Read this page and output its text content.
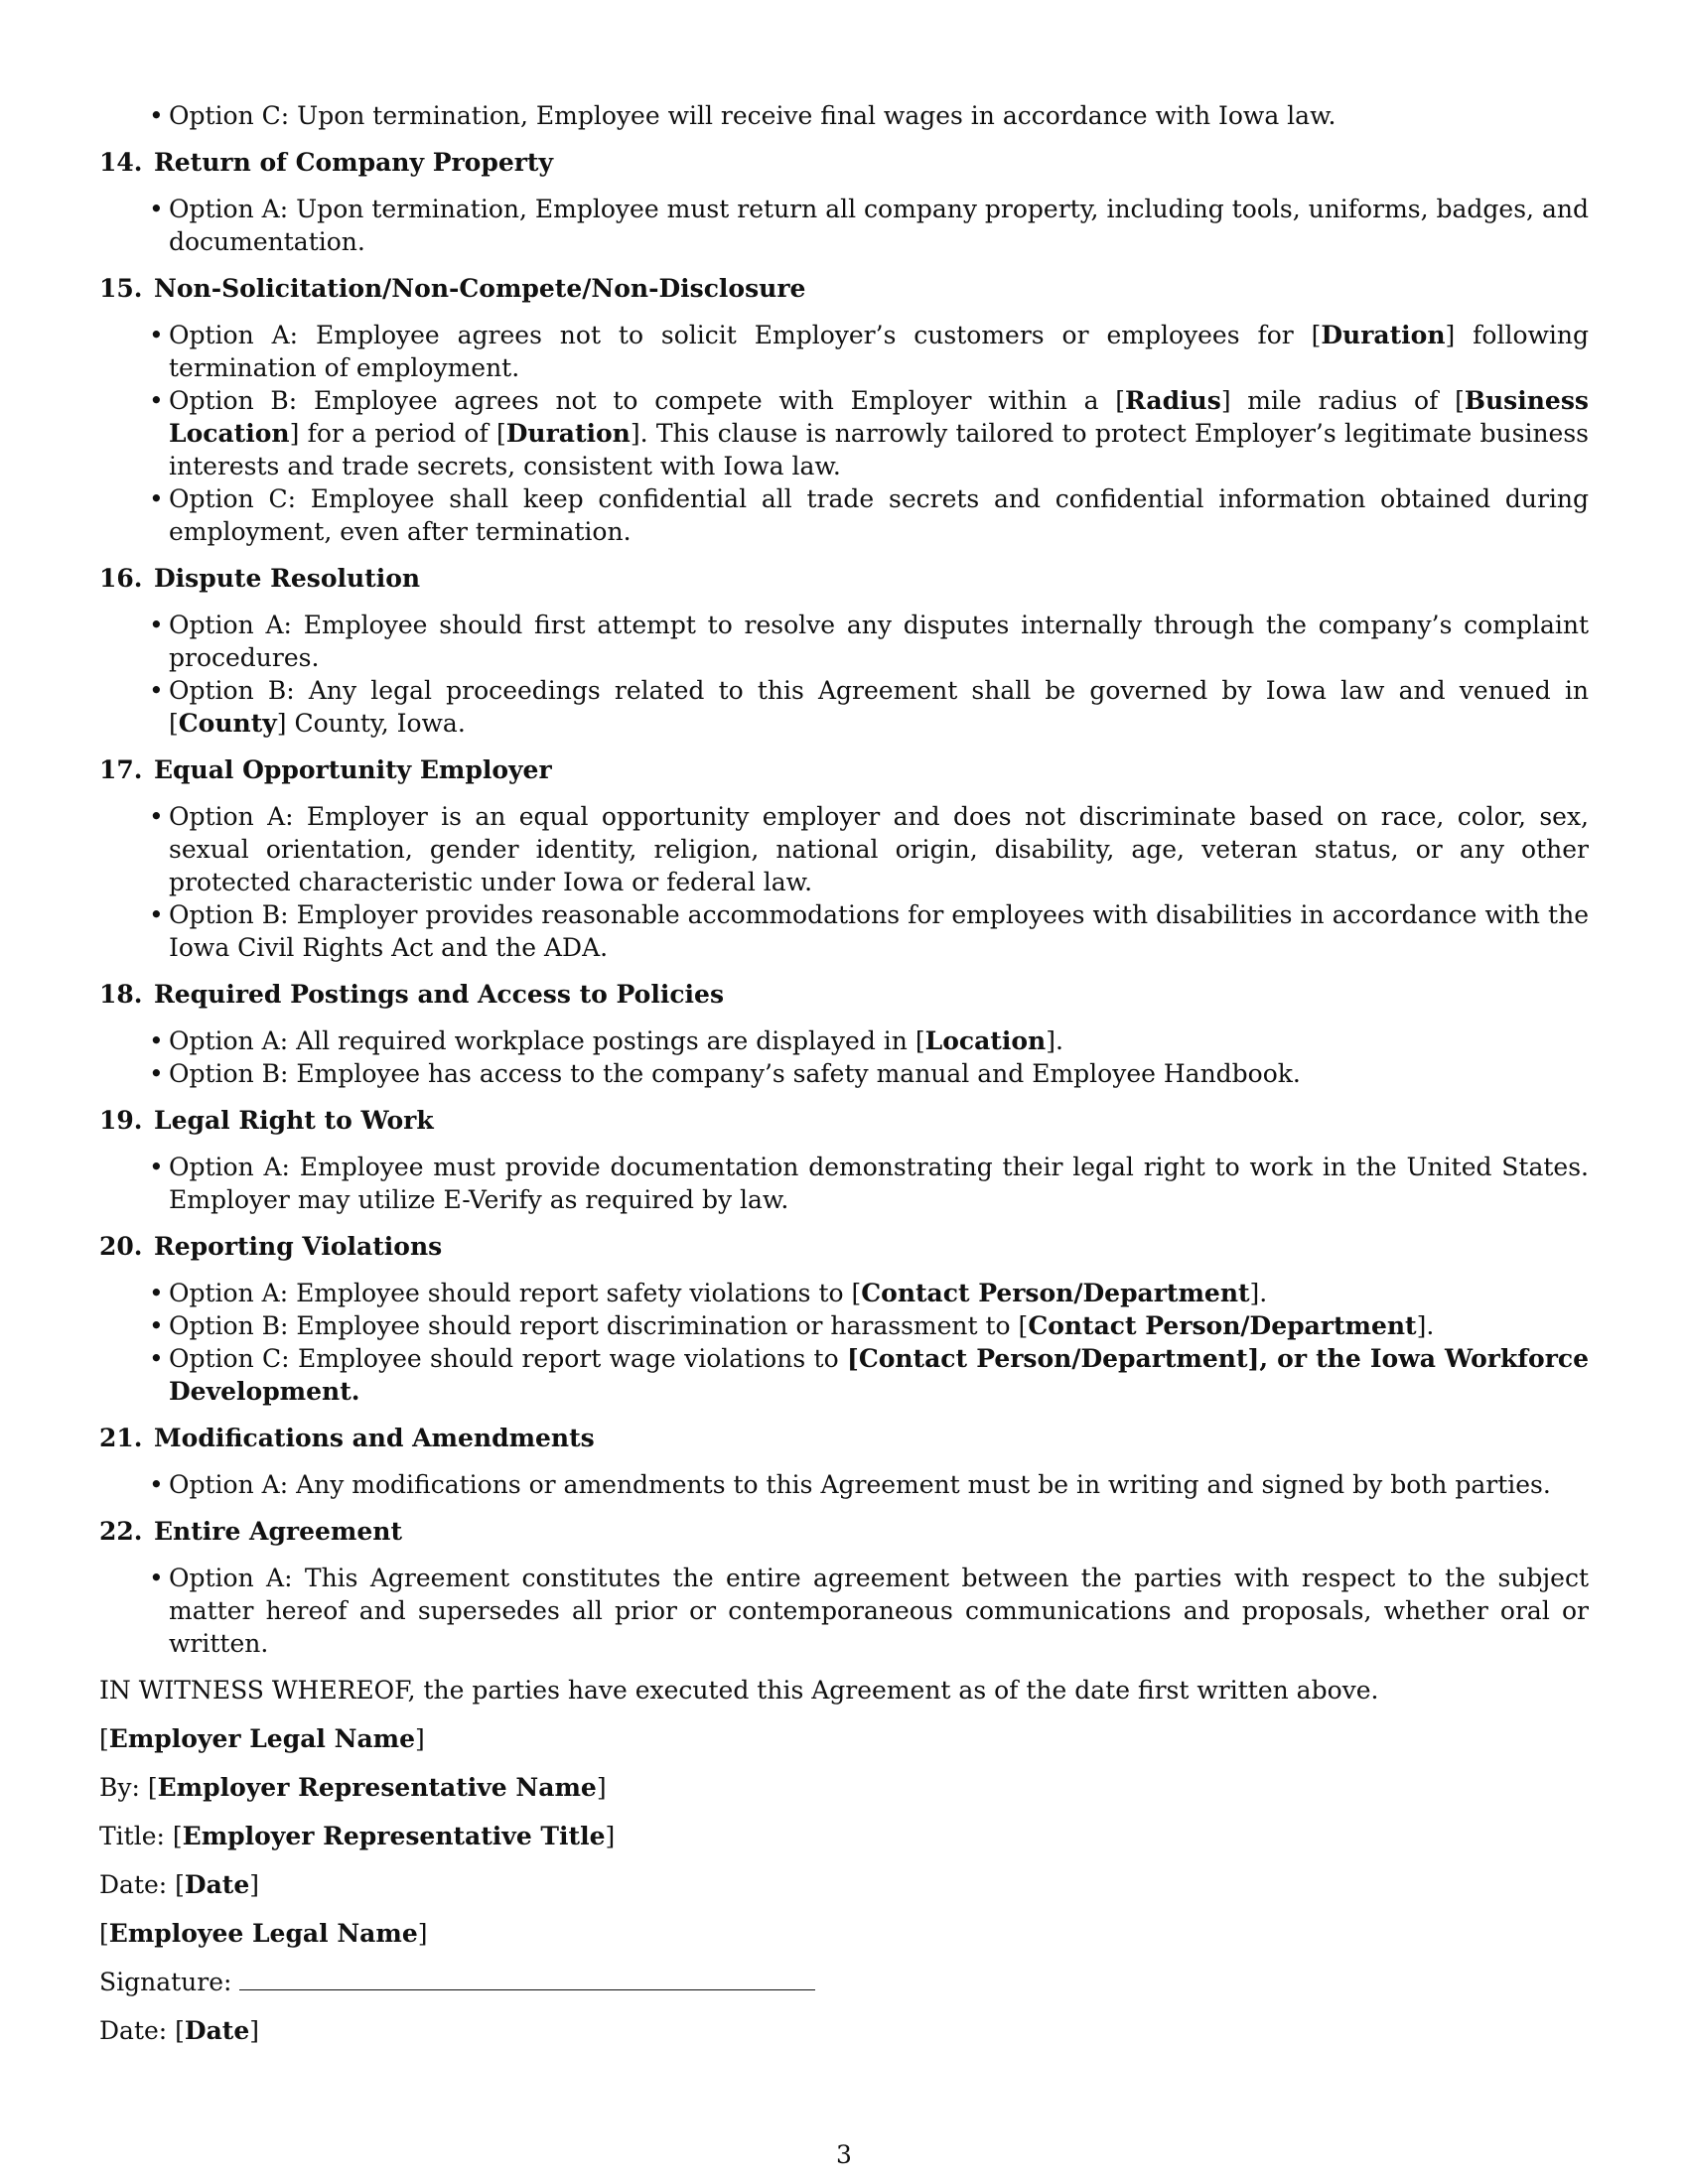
• Option C: Upon termination, Employee will receive final wages in accordance with Iowa law.
14. Return of Company Property
• Option A: Upon termination, Employee must return all company property, including tools, uniforms, badges, and documentation.
15. Non-Solicitation/Non-Compete/Non-Disclosure
• Option A: Employee agrees not to solicit Employer’s customers or employees for [Duration] following termination of employment.
• Option B: Employee agrees not to compete with Employer within a [Radius] mile radius of [Business Location] for a period of [Duration]. This clause is narrowly tailored to protect Employer’s legitimate business interests and trade secrets, consistent with Iowa law.
• Option C: Employee shall keep confidential all trade secrets and confidential information obtained during employment, even after termination.
16. Dispute Resolution
• Option A: Employee should first attempt to resolve any disputes internally through the company’s complaint procedures.
• Option B: Any legal proceedings related to this Agreement shall be governed by Iowa law and venued in [County] County, Iowa.
17. Equal Opportunity Employer
• Option A: Employer is an equal opportunity employer and does not discriminate based on race, color, sex, sexual orientation, gender identity, religion, national origin, disability, age, veteran status, or any other protected characteristic under Iowa or federal law.
• Option B: Employer provides reasonable accommodations for employees with disabilities in accordance with the Iowa Civil Rights Act and the ADA.
18. Required Postings and Access to Policies
• Option A: All required workplace postings are displayed in [Location].
• Option B: Employee has access to the company’s safety manual and Employee Handbook.
19. Legal Right to Work
• Option A: Employee must provide documentation demonstrating their legal right to work in the United States. Employer may utilize E-Verify as required by law.
20. Reporting Violations
• Option A: Employee should report safety violations to [Contact Person/Department].
• Option B: Employee should report discrimination or harassment to [Contact Person/Department].
• Option C: Employee should report wage violations to [Contact Person/Department], or the Iowa Workforce Development.
21. Modifications and Amendments
• Option A: Any modifications or amendments to this Agreement must be in writing and signed by both parties.
22. Entire Agreement
• Option A: This Agreement constitutes the entire agreement between the parties with respect to the subject matter hereof and supersedes all prior or contemporaneous communications and proposals, whether oral or written.
IN WITNESS WHEREOF, the parties have executed this Agreement as of the date first written above.
[Employer Legal Name]
By: [Employer Representative Name]
Title: [Employer Representative Title]
Date: [Date]
[Employee Legal Name]
Signature:
Date: [Date]
3
